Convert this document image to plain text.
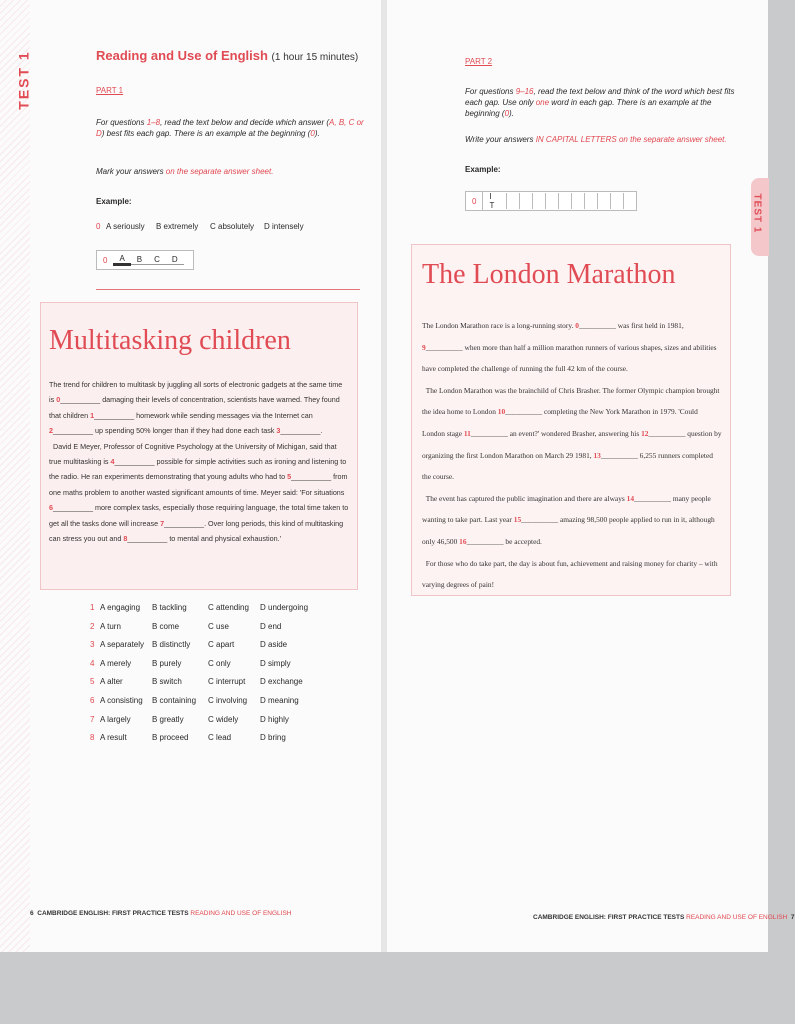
TEST 1	Reading and Use of English (1 hour 15 minutes)
PART 1
For questions 1–8, read the text below and decide which answer (A, B, C or D) best fits each gap. There is an example at the beginning (0).
Mark your answers on the separate answer sheet.
Example:
0 A seriously B extremely C absolutely D intensely
0	A	B	C	D
Multitasking children
The trend for children to multitask by juggling all sorts of electronic gadgets at the same time is 0__________ damaging their levels of concentration, scientists have warned. They found that children 1__________ homework while sending messages via the Internet can 2__________ up spending 50% longer than if they had done each task 3__________.
David E Meyer, Professor of Cognitive Psychology at the University of Michigan, said that true multitasking is 4__________ possible for simple activities such as ironing and listening to the radio. He ran experiments demonstrating that young adults who had to 5__________ from one maths problem to another wasted significant amounts of time. Meyer said: 'For situations 6__________ more complex tasks, especially those requiring language, the total time taken to get all the tasks done will increase 7__________. Over long periods, this kind of multitasking can stress you out and 8__________ to mental and physical exhaustion.'
1 A engaging B tackling	C attending D undergoing
2 A turn	B come	C use	D end
3 A separately B distinctly C apart	D aside
4 A merely	B purely	C only	D simply
5 A alter	B switch	C interrupt D exchange
6 A consisting B containing C involving D meaning
7 A largely	B greatly	C widely	D highly
8 A result	B proceed C lead	D bring
6 CAMBRIDGE ENGLISH: FIRST PRACTICE TESTS READING AND USE OF ENGLISH
TEST 1
PART 2
For questions 9–16, read the text below and think of the word which best fits each gap. Use only one word in each gap. There is an example at the beginning (0).
Write your answers IN CAPITAL LETTERS on the separate answer sheet.
Example:
0	I T
The London Marathon
The London Marathon race is a long-running story. 0__________ was first held in 1981, 9__________ when more than half a million marathon runners of various shapes, sizes and abilities have completed the challenge of running the full 42 km of the course.
The London Marathon was the brainchild of Chris Brasher. The former Olympic champion brought the idea home to London 10__________ completing the New York Marathon in 1979. 'Could London stage 11__________ an event?' wondered Brasher, answering his 12__________ question by organizing the first London Marathon on March 29 1981, 13__________ 6,255 runners completed the course.
The event has captured the public imagination and there are always 14__________ many people wanting to take part. Last year 15__________ amazing 98,500 people applied to run in it, although only 46,500 16__________ be accepted.
For those who do take part, the day is about fun, achievement and raising money for charity – with varying degrees of pain!
CAMBRIDGE ENGLISH: FIRST PRACTICE TESTS READING AND USE OF ENGLISH 7
